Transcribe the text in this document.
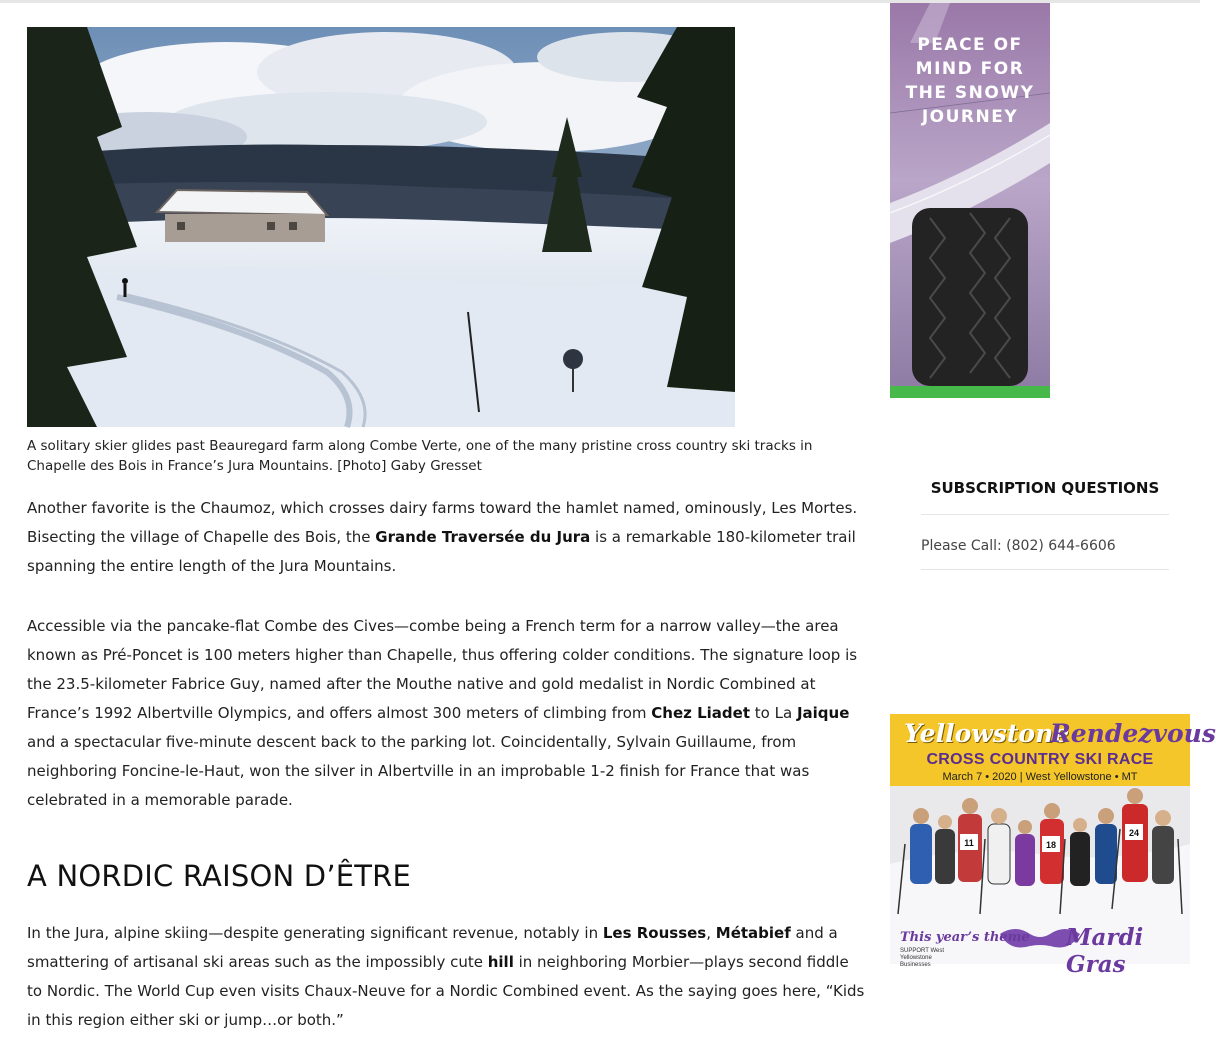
A solitary skier glides past Beauregard farm along Combe Verte, one of the many pristine cross country ski tracks in Chapelle des Bois in France’s Jura Mountains. [Photo] Gaby Gresset

Another favorite is the Chaumoz, which crosses dairy farms toward the hamlet named, ominously, Les Mortes. Bisecting the village of Chapelle des Bois, the Grande Traversée du Jura is a remarkable 180-kilometer trail spanning the entire length of the Jura Mountains.

Accessible via the pancake-flat Combe des Cives—combe being a French term for a narrow valley—the area known as Pré-Poncet is 100 meters higher than Chapelle, thus offering colder conditions. The signature loop is the 23.5-kilometer Fabrice Guy, named after the Mouthe native and gold medalist in Nordic Combined at France’s 1992 Albertville Olympics, and offers almost 300 meters of climbing from Chez Liadet to La Jaique and a spectacular five-minute descent back to the parking lot. Coincidentally, Sylvain Guillaume, from neighboring Foncine-le-Haut, won the silver in Albertville in an improbable 1-2 finish for France that was celebrated in a memorable parade.

A NORDIC RAISON D’ÊTRE

In the Jura, alpine skiing—despite generating significant revenue, notably in Les Rousses, Métabief and a smattering of artisanal ski areas such as the impossibly cute hill in neighboring Morbier—plays second fiddle to Nordic. The World Cup even visits Chaux-Neuve for a Nordic Combined event. As the saying goes here, “Kids in this region either ski or jump…or both.”

PEACE OF
MIND FOR
THE SNOWY
JOURNEY
SUBSCRIPTION QUESTIONS
Please Call: (802) 644-6606
Yellowstone
Rendezvous
CROSS COUNTRY SKI RACE
March 7 • 2020 | West Yellowstone • MT
11	18
24
This year’s theme Mardi Gras
SUPPORT West Yellowstone Businesses
